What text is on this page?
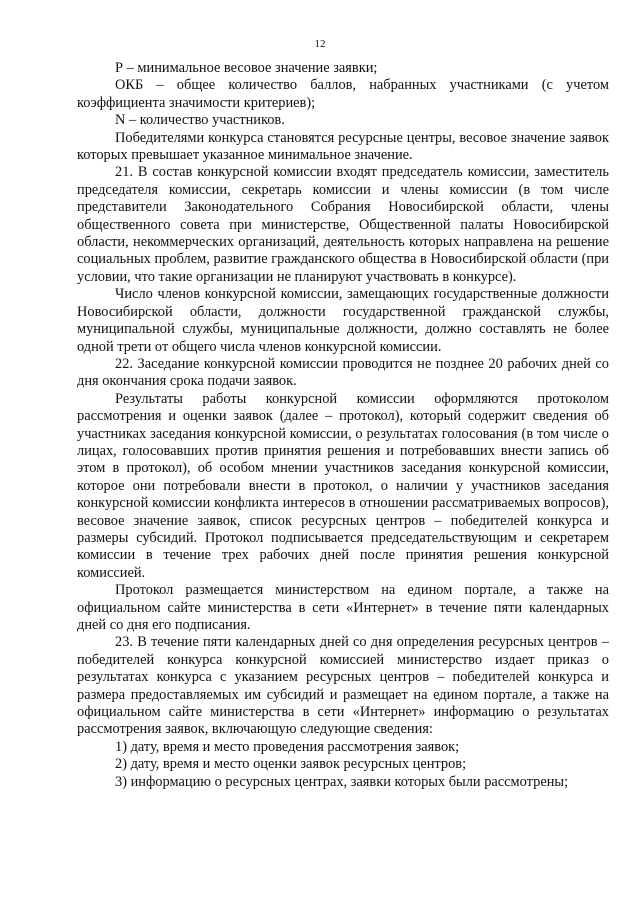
12

Р – минимальное весовое значение заявки;

ОКБ – общее количество баллов, набранных участниками (с учетом коэффициента значимости критериев);

N – количество участников.

Победителями конкурса становятся ресурсные центры, весовое значение заявок которых превышает указанное минимальное значение.

21. В состав конкурсной комиссии входят председатель комиссии, заместитель председателя комиссии, секретарь комиссии и члены комиссии (в том числе представители Законодательного Собрания Новосибирской области, члены общественного совета при министерстве, Общественной палаты Новосибирской области, некоммерческих организаций, деятельность которых направлена на решение социальных проблем, развитие гражданского общества в Новосибирской области (при условии, что такие организации не планируют участвовать в конкурсе).

Число членов конкурсной комиссии, замещающих государственные должности Новосибирской области, должности государственной гражданской службы, муниципальной службы, муниципальные должности, должно составлять не более одной трети от общего числа членов конкурсной комиссии.

22. Заседание конкурсной комиссии проводится не позднее 20 рабочих дней со дня окончания срока подачи заявок.

Результаты работы конкурсной комиссии оформляются протоколом рассмотрения и оценки заявок (далее – протокол), который содержит сведения об участниках заседания конкурсной комиссии, о результатах голосования (в том числе о лицах, голосовавших против принятия решения и потребовавших внести запись об этом в протокол), об особом мнении участников заседания конкурсной комиссии, которое они потребовали внести в протокол, о наличии у участников заседания конкурсной комиссии конфликта интересов в отношении рассматриваемых вопросов), весовое значение заявок, список ресурсных центров – победителей конкурса и размеры субсидий. Протокол подписывается председательствующим и секретарем комиссии в течение трех рабочих дней после принятия решения конкурсной комиссией.

Протокол размещается министерством на едином портале, а также на официальном сайте министерства в сети «Интернет» в течение пяти календарных дней со дня его подписания.

23. В течение пяти календарных дней со дня определения ресурсных центров – победителей конкурса конкурсной комиссией министерство издает приказ о результатах конкурса с указанием ресурсных центров – победителей конкурса и размера предоставляемых им субсидий и размещает на едином портале, а также на официальном сайте министерства в сети «Интернет» информацию о результатах рассмотрения заявок, включающую следующие сведения:

1) дату, время и место проведения рассмотрения заявок;

2) дату, время и место оценки заявок ресурсных центров;

3) информацию о ресурсных центрах, заявки которых были рассмотрены;
